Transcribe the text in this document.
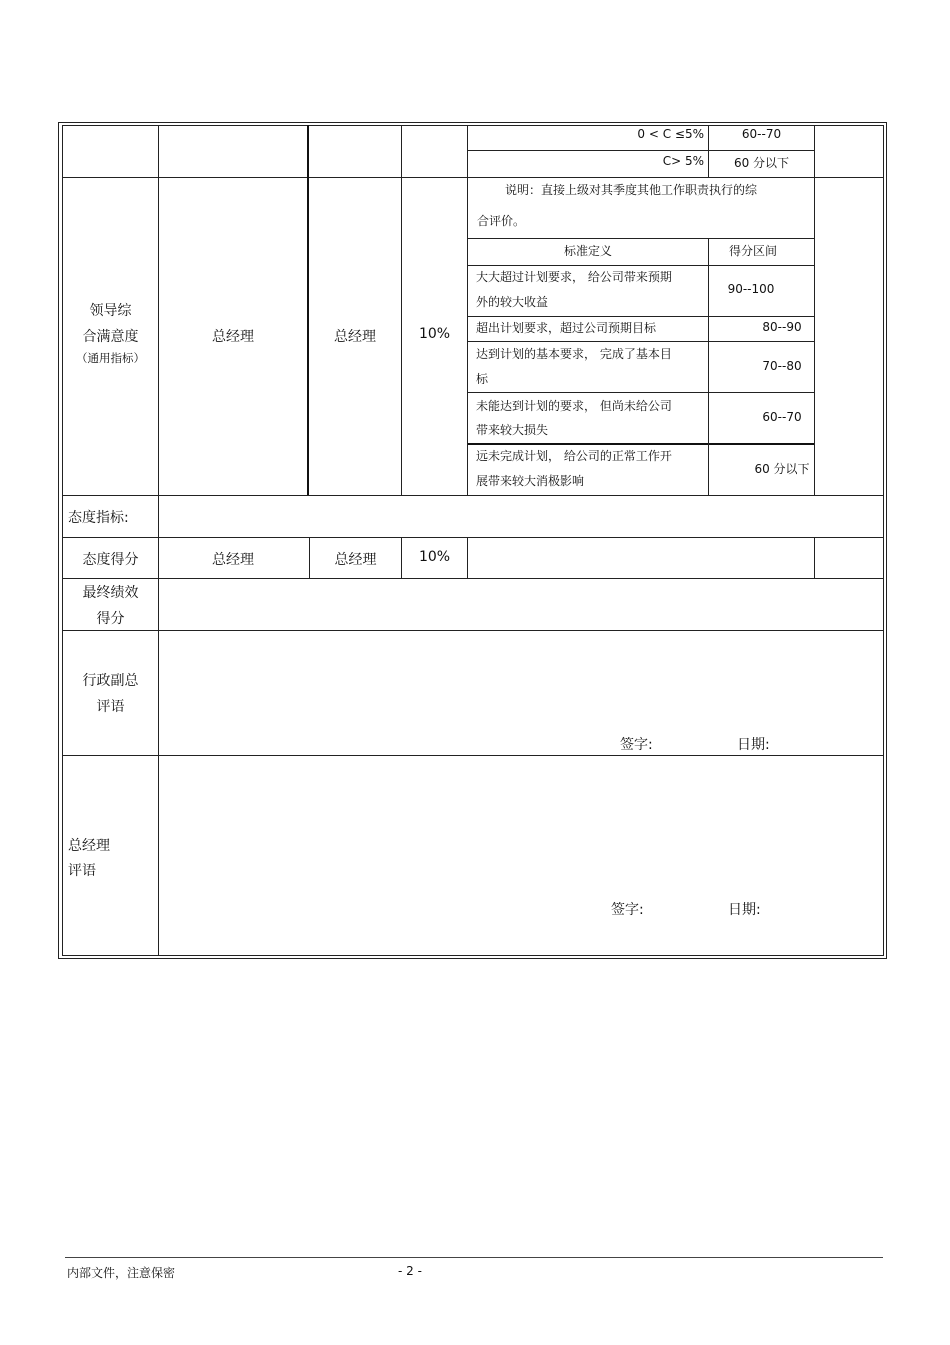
0 < C ≤5%	60--70
C> 5%	60 分以下
领导综
合满意度
（通用指标）
总经理	总经理	10%
说明：直接上级对其季度其他工作职责执行的综
合评价。
标准定义	得分区间
大大超过计划要求， 给公司带来预期
外的较大收益
90--100
超出计划要求，超过公司预期目标	80--90
达到计划的基本要求， 完成了基本目
标
70--80
未能达到计划的要求， 但尚未给公司
带来较大损失
60--70
远未完成计划， 给公司的正常工作开
展带来较大消极影响
60 分以下
态度指标:
态度得分	总经理	总经理	10%
最终绩效
得分
行政副总
评语
签字:	日期:
总经理
评语
签字:	日期:
内部文件，注意保密	- 2 -
